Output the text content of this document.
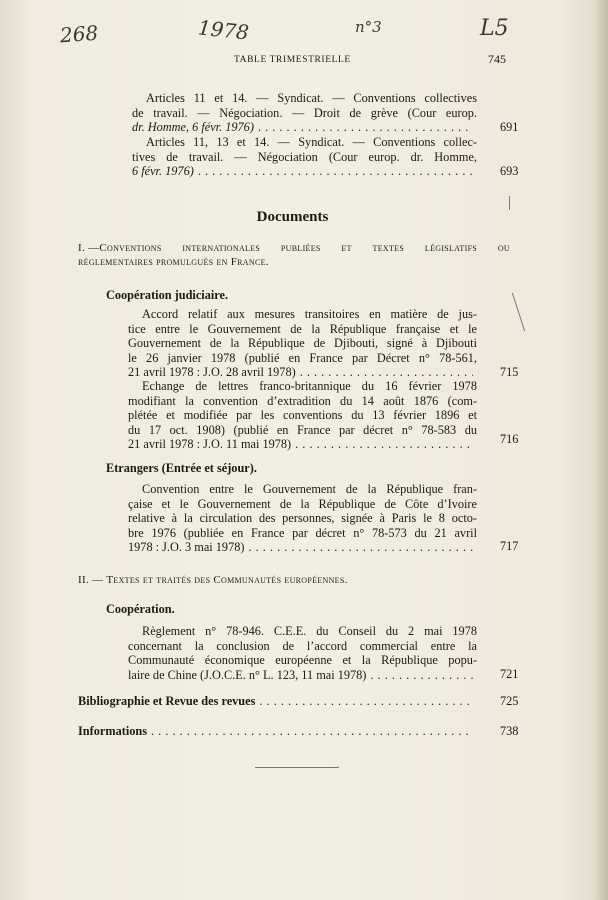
268	1978	n°3	L5
TABLE TRIMESTRIELLE	745
Articles 11 et 14. — Syndicat. — Conventions collectives
de travail. — Négociation. — Droit de grève (Cour europ.
dr. Homme, 6 févr. 1976) . . .	691
Articles 11, 13 et 14. — Syndicat. — Conventions collec-
tives de travail. — Négociation (Cour europ. dr. Homme,
6 févr. 1976) . . .	693
Documents
I. — Conventions internationales publiées et textes législatifs ou
réglementaires promulgués en France.
Coopération judiciaire.
Accord relatif aux mesures transitoires en matière de jus-
tice entre le Gouvernement de la République française et le
Gouvernement de la République de Djibouti, signé à Djibouti
le 26 janvier 1978 (publié en France par Décret n° 78-561,
21 avril 1978 : J.O. 28 avril 1978) . . .	715
Echange de lettres franco-britannique du 16 février 1978
modifiant la convention d’extradition du 14 août 1876 (com-
plétée et modifiée par les conventions du 13 février 1896 et
du 17 oct. 1908) (publié en France par décret n° 78-583 du
21 avril 1978 : J.O. 11 mai 1978) . . .	716
Etrangers (Entrée et séjour).
Convention entre le Gouvernement de la République fran-
çaise et le Gouvernement de la République de Côte d’Ivoire
relative à la circulation des personnes, signée à Paris le 8 octo-
bre 1976 (publiée en France par décret n° 78-573 du 21 avril
1978 : J.O. 3 mai 1978) . . .	717
II. — Textes et traités des Communautés européennes.
Coopération.
Règlement n° 78-946. C.E.E. du Conseil du 2 mai 1978
concernant la conclusion de l’accord commercial entre la
Communauté économique européenne et la République popu-
laire de Chine (J.O.C.E. n° L. 123, 11 mai 1978) . . .	721
Bibliographie et Revue des revues . . .	725
Informations . . .	738
